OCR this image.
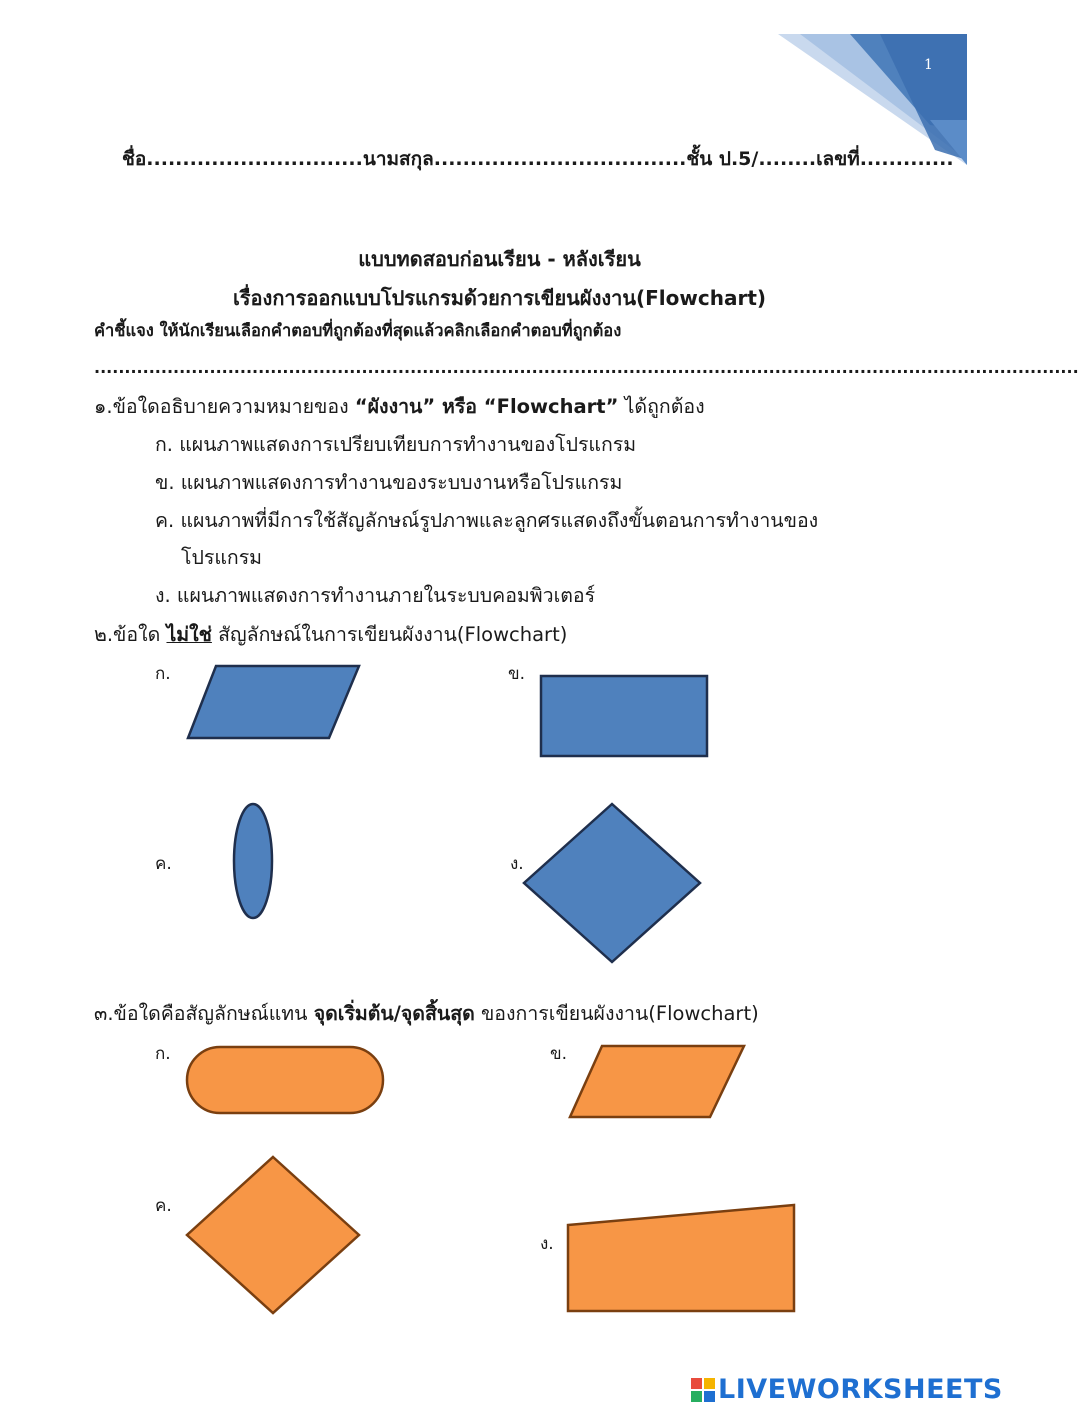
1
ชื่อ..............................นามสกุล...................................ชั้น ป.5/........เลขที่.............
แบบทดสอบก่อนเรียน - หลังเรียน
เรื่องการออกแบบโปรแกรมด้วยการเขียนผังงาน(Flowchart)
คำชี้แจง ให้นักเรียนเลือกคำตอบที่ถูกต้องที่สุดแล้วคลิกเลือกคำตอบที่ถูกต้อง
..................................................................................................................................................................
๑.ข้อใดอธิบายความหมายของ “ผังงาน” หรือ “Flowchart” ได้ถูกต้อง
ก. แผนภาพแสดงการเปรียบเทียบการทำงานของโปรแกรม
ข. แผนภาพแสดงการทำงานของระบบงานหรือโปรแกรม
ค. แผนภาพที่มีการใช้สัญลักษณ์รูปภาพและลูกศรแสดงถึงขั้นตอนการทำงานของ
โปรแกรม
ง. แผนภาพแสดงการทำงานภายในระบบคอมพิวเตอร์
๒.ข้อใด ไม่ใช่ สัญลักษณ์ในการเขียนผังงาน(Flowchart)
ก.	ข.
ค.	ง.
๓.ข้อใดคือสัญลักษณ์แทน จุดเริ่มต้น/จุดสิ้นสุด ของการเขียนผังงาน(Flowchart)
ก.	ข.
ค.
ง.
LIVEWORKSHEETS
